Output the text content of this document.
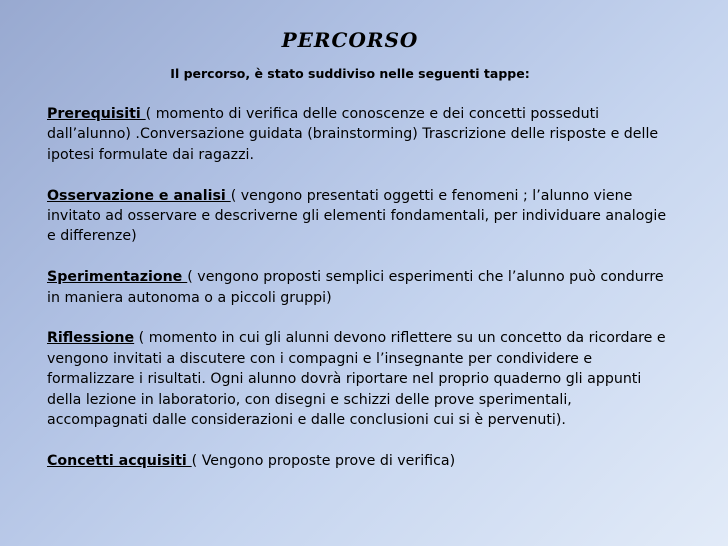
PERCORSO
Il percorso, è stato suddiviso nelle seguenti tappe:
Prerequisiti ( momento di verifica delle conoscenze e dei concetti posseduti dall’alunno) .Conversazione guidata (brainstorming) Trascrizione delle risposte e delle ipotesi formulate dai ragazzi.
Osservazione e analisi ( vengono presentati oggetti e fenomeni ; l’alunno viene invitato ad osservare e descriverne gli elementi fondamentali, per individuare analogie e differenze)
Sperimentazione ( vengono proposti semplici esperimenti che l’alunno può condurre in maniera autonoma o a piccoli gruppi)
Riflessione ( momento in cui gli alunni devono riflettere su un concetto da ricordare e vengono invitati a discutere con i compagni e l’insegnante per condividere e formalizzare i risultati. Ogni alunno dovrà riportare nel proprio quaderno gli appunti della lezione in laboratorio, con disegni e schizzi delle prove sperimentali, accompagnati dalle considerazioni e dalle conclusioni cui si è pervenuti).
Concetti acquisiti ( Vengono proposte prove di verifica)
